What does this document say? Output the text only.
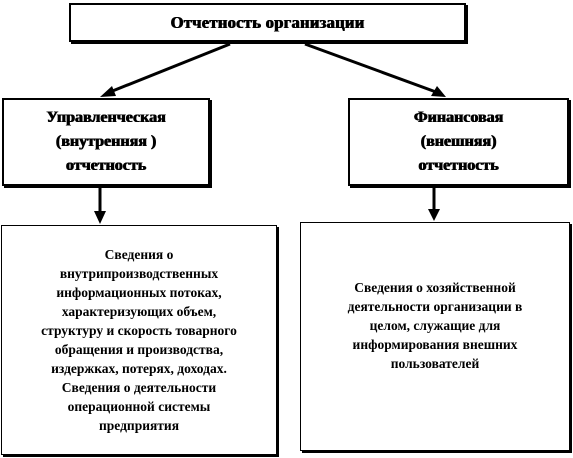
Отчетность организации
Управленческая
(внутренняя )
отчетность
Финансовая
(внешняя)
отчетность
Сведения о
внутрипроизводственных
информационных потоках,
характеризующих объем,
структуру и скорость товарного
обращения и производства,
издержках, потерях, доходах.
Сведения о деятельности
операционной системы
предприятия
Сведения о хозяйственной
деятельности организации в
целом, служащие для
информирования внешних
пользователей
